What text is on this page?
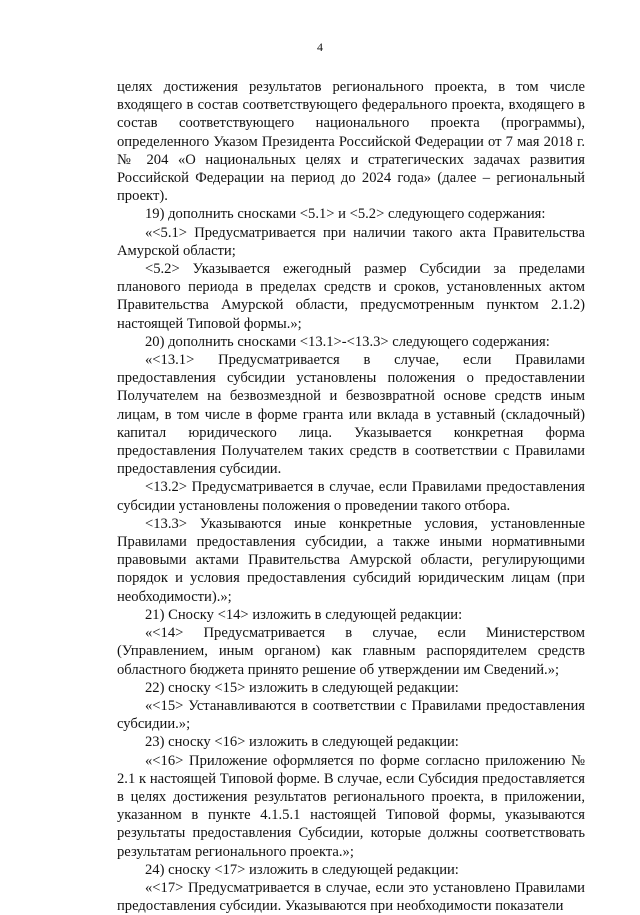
4

целях достижения результатов регионального проекта, в том числе входящего в состав соответствующего федерального проекта, входящего в состав соответствующего национального проекта (программы), определенного Указом Президента Российской Федерации от 7 мая 2018 г. № 204 «О национальных целях и стратегических задачах развития Российской Федерации на период до 2024 года» (далее – региональный проект).

19) дополнить сносками <5.1> и <5.2> следующего содержания:

«<5.1> Предусматривается при наличии такого акта Правительства Амурской области;

<5.2> Указывается ежегодный размер Субсидии за пределами планового периода в пределах средств и сроков, установленных актом Правительства Амурской области, предусмотренным пунктом 2.1.2) настоящей Типовой формы.»;

20) дополнить сносками <13.1>-<13.3> следующего содержания:

«<13.1> Предусматривается в случае, если Правилами предоставления субсидии установлены положения о предоставлении Получателем на безвозмездной и безвозвратной основе средств иным лицам, в том числе в форме гранта или вклада в уставный (складочный) капитал юридического лица. Указывается конкретная форма предоставления Получателем таких средств в соответствии с Правилами предоставления субсидии.

<13.2> Предусматривается в случае, если Правилами предоставления субсидии установлены положения о проведении такого отбора.

<13.3> Указываются иные конкретные условия, установленные Правилами предоставления субсидии, а также иными нормативными правовыми актами Правительства Амурской области, регулирующими порядок и условия предоставления субсидий юридическим лицам (при необходимости).»;

21) Сноску <14> изложить в следующей редакции:

«<14> Предусматривается в случае, если Министерством (Управлением, иным органом) как главным распорядителем средств областного бюджета принято решение об утверждении им Сведений.»;

22) сноску <15> изложить в следующей редакции:

«<15> Устанавливаются в соответствии с Правилами предоставления субсидии.»;

23) сноску <16> изложить в следующей редакции:

«<16> Приложение оформляется по форме согласно приложению № 2.1 к настоящей Типовой форме. В случае, если Субсидия предоставляется в целях достижения результатов регионального проекта, в приложении, указанном в пункте 4.1.5.1 настоящей Типовой формы, указываются результаты предоставления Субсидии, которые должны соответствовать результатам регионального проекта.»;

24) сноску <17> изложить в следующей редакции:

«<17> Предусматривается в случае, если это установлено Правилами предоставления субсидии. Указываются при необходимости показатели
